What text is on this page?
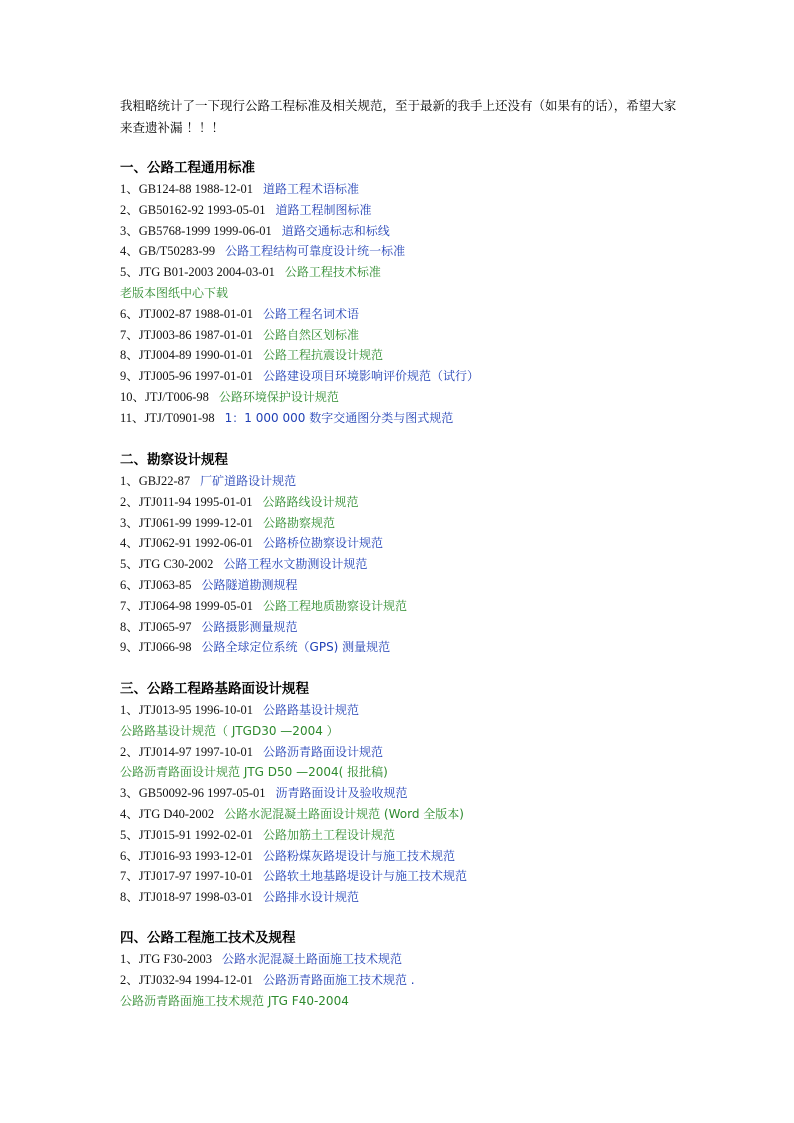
我粗略统计了一下现行公路工程标准及相关规范，至于最新的我手上还没有（如果有的话），希望大家来查遗补漏 ！！！
一、公路工程通用标准
1、GB124-88 1988-12-01 道路工程术语标准
2、GB50162-92 1993-05-01 道路工程制图标准
3、GB5768-1999 1999-06-01 道路交通标志和标线
4、GB/T50283-99 公路工程结构可靠度设计统一标准
5、JTG B01-2003 2004-03-01 公路工程技术标准
老版本图纸中心下载
6、JTJ002-87 1988-01-01 公路工程名词术语
7、JTJ003-86 1987-01-01 公路自然区划标准
8、JTJ004-89 1990-01-01 公路工程抗震设计规范
9、JTJ005-96 1997-01-01 公路建设项目环境影响评价规范（试行）
10、JTJ/T006-98 公路环境保护设计规范
11、JTJ/T0901-98 1：1 000 000 数字交通图分类与图式规范
二、勘察设计规程
1、GBJ22-87 厂矿道路设计规范
2、JTJ011-94 1995-01-01 公路路线设计规范
3、JTJ061-99 1999-12-01 公路勘察规范
4、JTJ062-91 1992-06-01 公路桥位勘察设计规范
5、JTG C30-2002 公路工程水文勘测设计规范
6、JTJ063-85 公路隧道勘测规程
7、JTJ064-98 1999-05-01 公路工程地质勘察设计规范
8、JTJ065-97 公路摄影测量规范
9、JTJ066-98 公路全球定位系统（GPS) 测量规范
三、公路工程路基路面设计规程
1、JTJ013-95 1996-10-01 公路路基设计规范
公路路基设计规范（ JTGD30 —2004 ）
2、JTJ014-97 1997-10-01 公路沥青路面设计规范
公路沥青路面设计规范 JTG D50 —2004( 报批稿)
3、GB50092-96 1997-05-01 沥青路面设计及验收规范
4、JTG D40-2002 公路水泥混凝土路面设计规范 (Word 全版本)
5、JTJ015-91 1992-02-01 公路加筋土工程设计规范
6、JTJ016-93 1993-12-01 公路粉煤灰路堤设计与施工技术规范
7、JTJ017-97 1997-10-01 公路软土地基路堤设计与施工技术规范
8、JTJ018-97 1998-03-01 公路排水设计规范
四、公路工程施工技术及规程
1、JTG F30-2003 公路水泥混凝土路面施工技术规范
2、JTJ032-94 1994-12-01 公路沥青路面施工技术规范 .
公路沥青路面施工技术规范 JTG F40-2004
